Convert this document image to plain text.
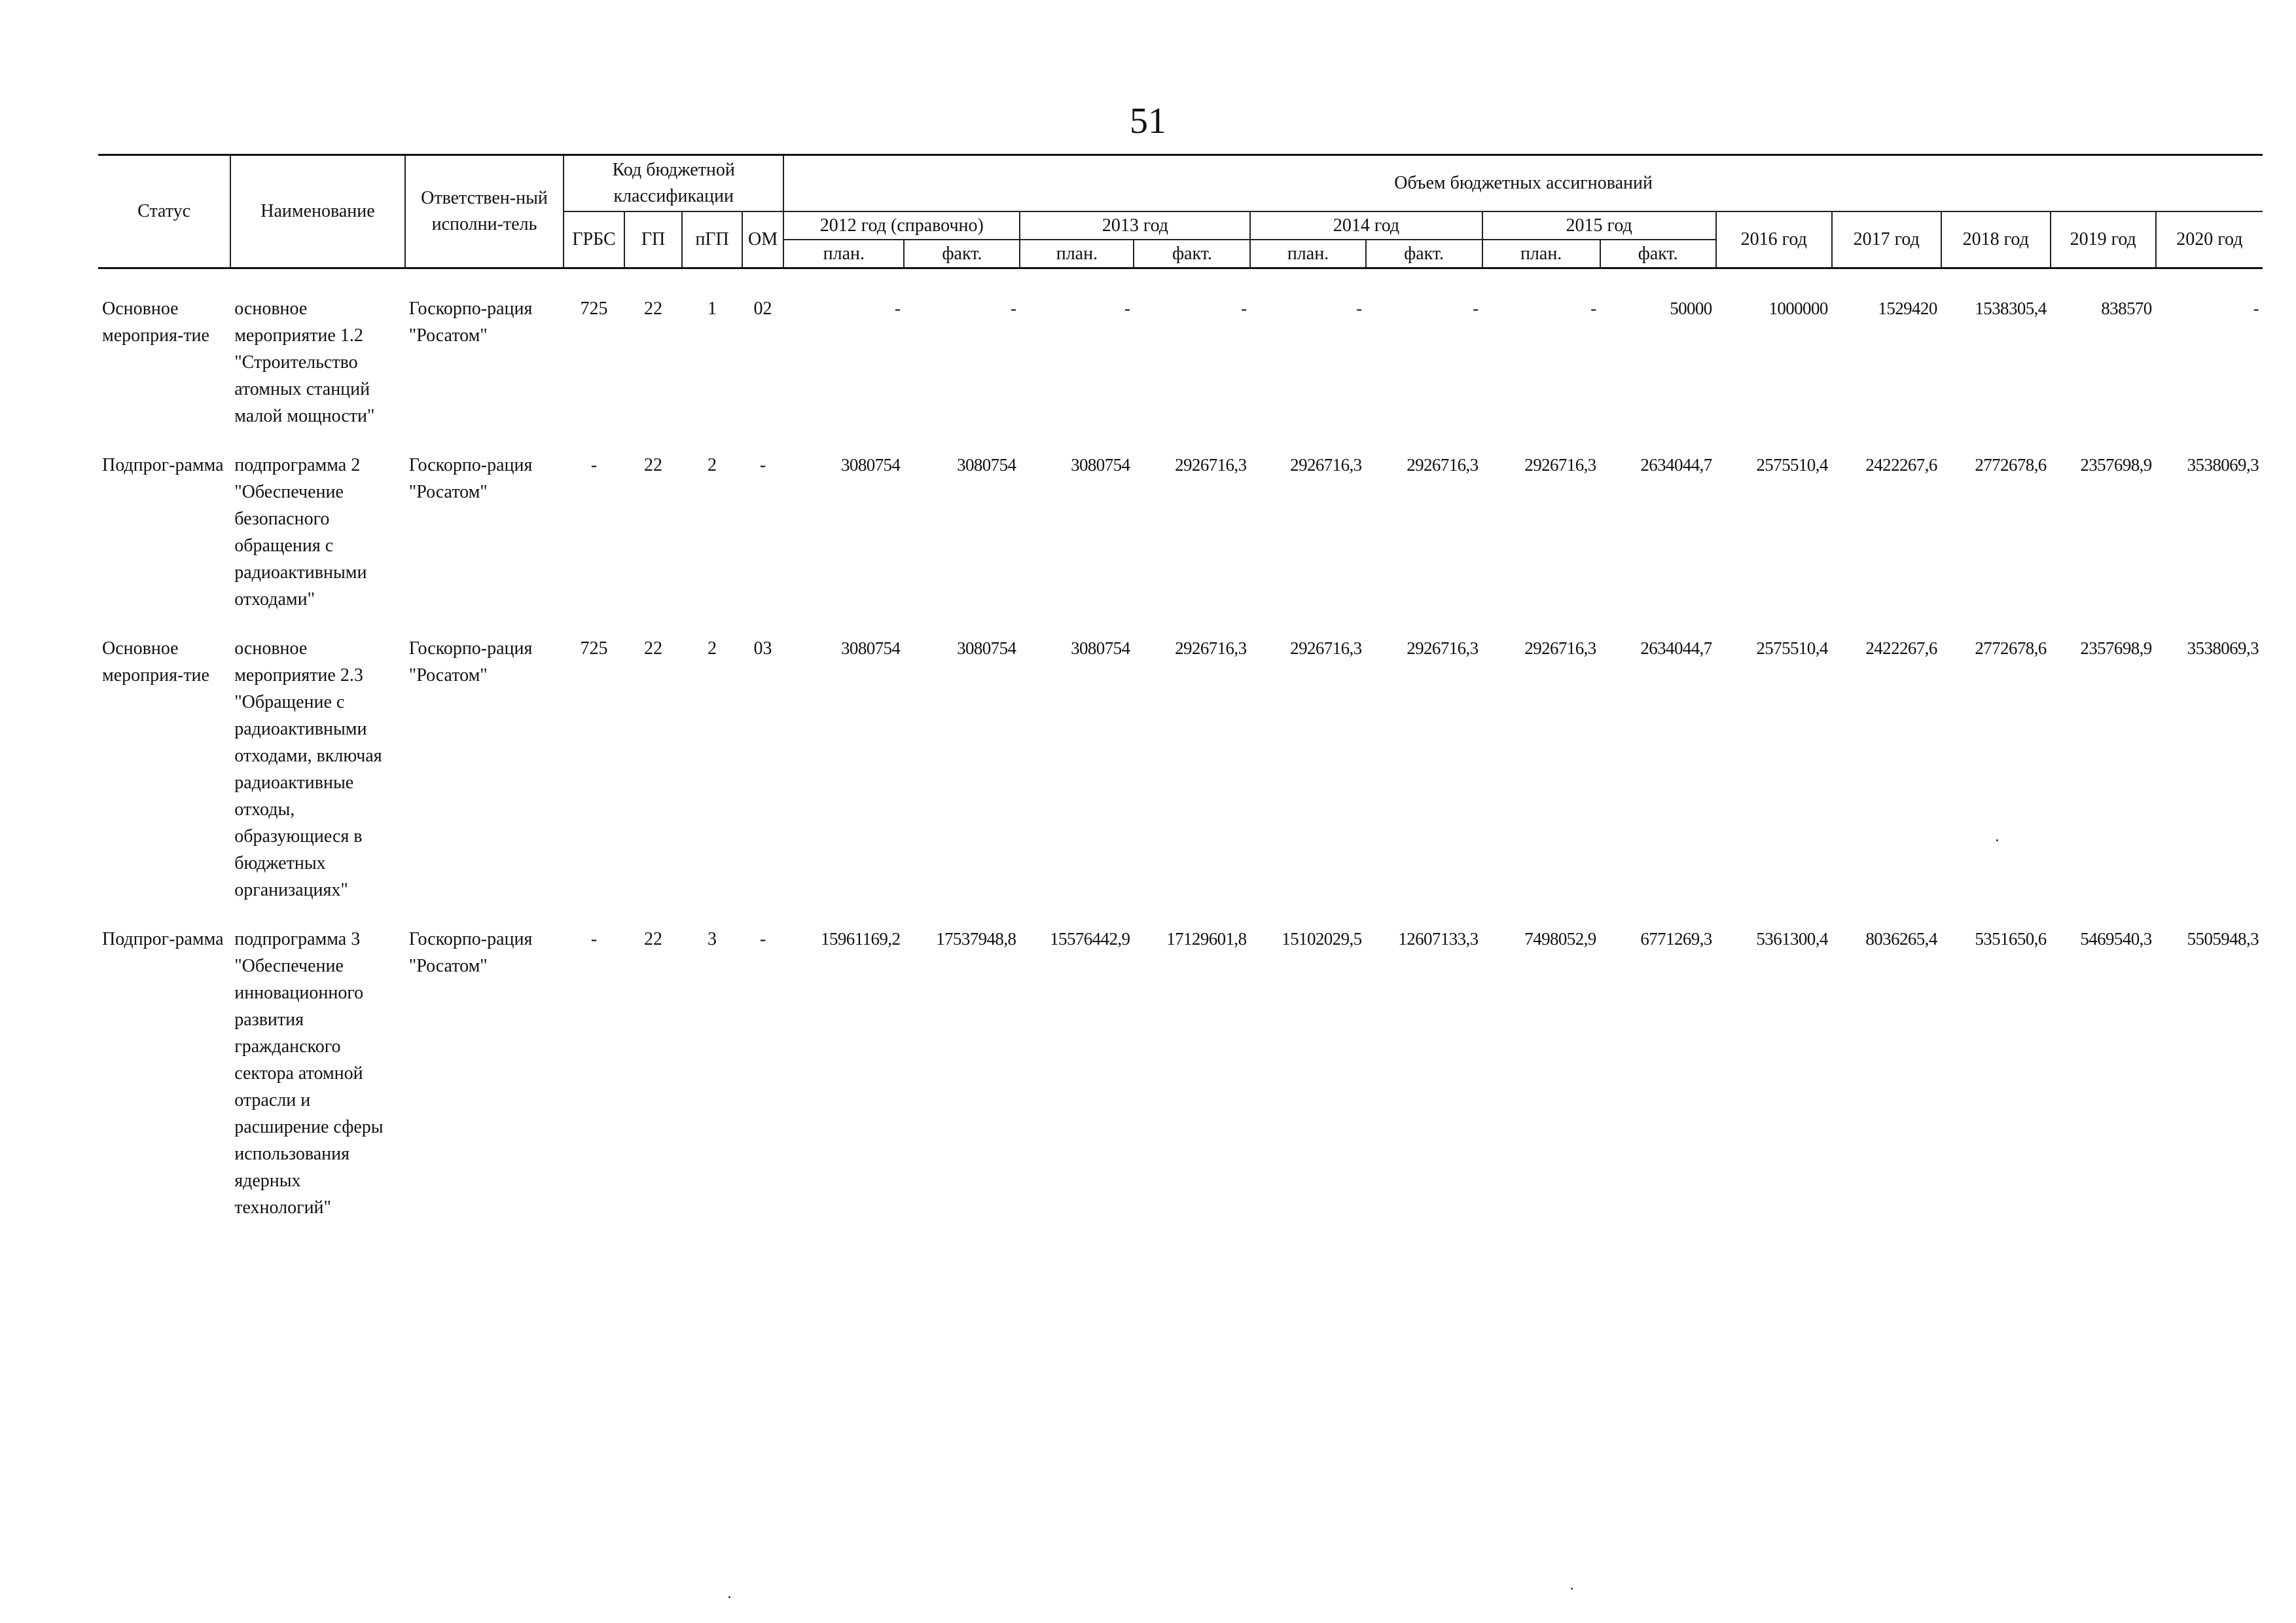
51
Статус	Наименование	Ответствен-ный исполни-тель	Код бюджетной классификации				Объем бюджетных ассигнований												
			ГРБС	ГП	пГП	ОМ	2012 год (справочно)		2013 год		2014 год		2015 год		2016 год	2017 год	2018 год	2019 год	2020 год
							план.	факт.	план.	факт.	план.	факт.	план.	факт.					

Основное мероприя-тие	основное мероприятие 1.2 "Строительство атомных станций малой мощности"	Госкорпо-рация "Росатом"	725	22	1	02	-	-	-	-	-	-	-	50000	1000000	1529420	1538305,4	838570	-
Подпрог-рамма	подпрограмма 2 "Обеспечение безопасного обращения с радиоактивными отходами"	Госкорпо-рация "Росатом"	-	22	2	-	3080754	3080754	3080754	2926716,3	2926716,3	2926716,3	2926716,3	2634044,7	2575510,4	2422267,6	2772678,6	2357698,9	3538069,3
Основное мероприя-тие	основное мероприятие 2.3 "Обращение с радиоактивными отходами, включая радиоактивные отходы, образующиеся в бюджетных организациях"	Госкорпо-рация "Росатом"	725	22	2	03	3080754	3080754	3080754	2926716,3	2926716,3	2926716,3	2926716,3	2634044,7	2575510,4	2422267,6	2772678,6	2357698,9	3538069,3
Подпрог-рамма	подпрограмма 3 "Обеспечение инновационного развития гражданского сектора атомной отрасли и расширение сферы использования ядерных технологий"	Госкорпо-рация "Росатом"	-	22	3	-	15961169,2	17537948,8	15576442,9	17129601,8	15102029,5	12607133,3	7498052,9	6771269,3	5361300,4	8036265,4	5351650,6	5469540,3	5505948,3
